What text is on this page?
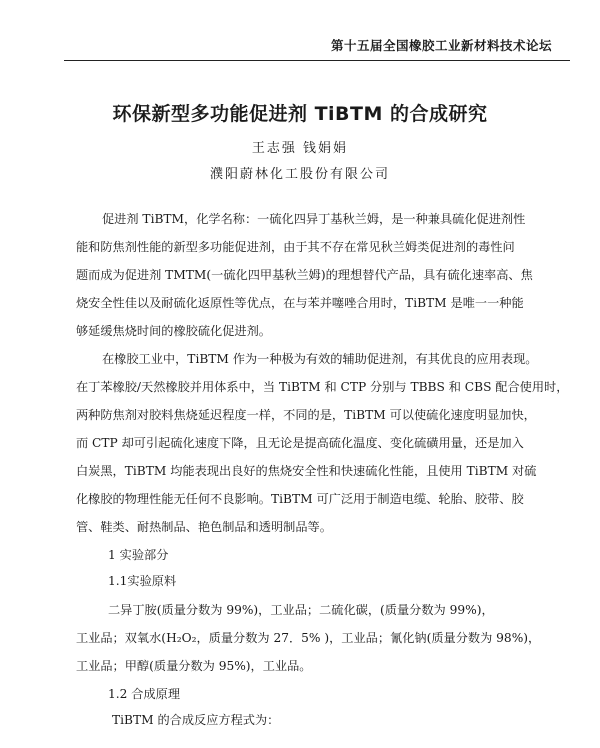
第十五届全国橡胶工业新材料技术论坛
环保新型多功能促进剂 TiBTM 的合成研究
王志强 钱娟娟
濮阳蔚林化工股份有限公司
促进剂 TiBTM，化学名称：一硫化四异丁基秋兰姆，是一种兼具硫化促进剂性
能和防焦剂性能的新型多功能促进剂，由于其不存在常见秋兰姆类促进剂的毒性问
题而成为促进剂 TMTM(一硫化四甲基秋兰姆)的理想替代产品，具有硫化速率高、焦
烧安全性佳以及耐硫化返原性等优点，在与苯并噻唑合用时，TiBTM 是唯一一种能
够延缓焦烧时间的橡胶硫化促进剂。
在橡胶工业中，TiBTM 作为一种极为有效的辅助促进剂，有其优良的应用表现。
在丁苯橡胶/天然橡胶并用体系中，当 TiBTM 和 CTP 分别与 TBBS 和 CBS 配合使用时，
两种防焦剂对胶料焦烧延迟程度一样，不同的是，TiBTM 可以使硫化速度明显加快，
而 CTP 却可引起硫化速度下降，且无论是提高硫化温度、变化硫磺用量，还是加入
白炭黑，TiBTM 均能表现出良好的焦烧安全性和快速硫化性能，且使用 TiBTM 对硫
化橡胶的物理性能无任何不良影响。TiBTM 可广泛用于制造电缆、轮胎、胶带、胶
管、鞋类、耐热制品、艳色制品和透明制品等。
1 实验部分
1.1实验原料
二异丁胺(质量分数为 99%)，工业品；二硫化碳，(质量分数为 99%)，
工业品；双氧水(H₂O₂，质量分数为 27．5% )，工业品；氰化钠(质量分数为 98%)，
工业品；甲醇(质量分数为 95%)，工业品。
1.2 合成原理
TiBTM 的合成反应方程式为：
